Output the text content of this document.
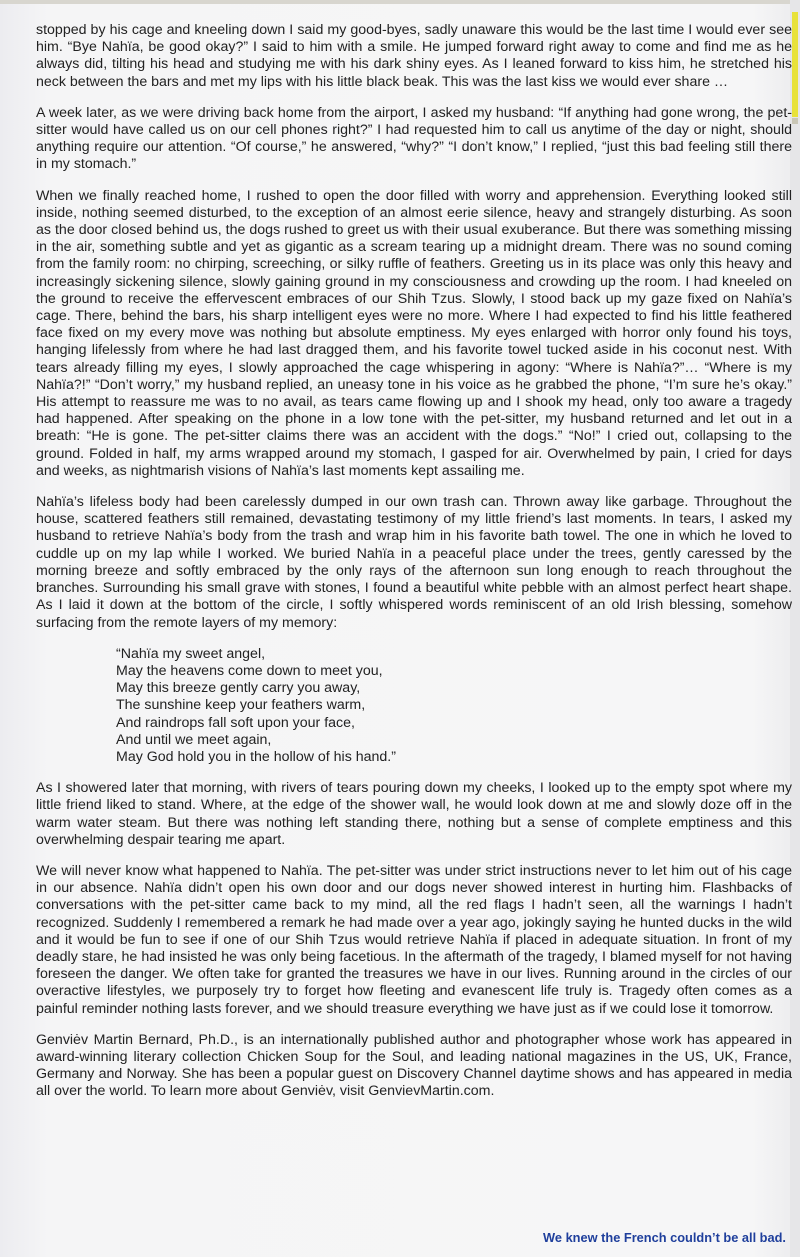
stopped by his cage and kneeling down I said my good-byes, sadly unaware this would be the last time I would ever see him. “Bye Nahïa, be good okay?” I said to him with a smile. He jumped forward right away to come and find me as he always did, tilting his head and studying me with his dark shiny eyes. As I leaned forward to kiss him, he stretched his neck between the bars and met my lips with his little black beak. This was the last kiss we would ever share …

A week later, as we were driving back home from the airport, I asked my husband: “If anything had gone wrong, the pet-sitter would have called us on our cell phones right?” I had requested him to call us anytime of the day or night, should anything require our attention. “Of course,” he answered, “why?” “I don’t know,” I replied, “just this bad feeling still there in my stomach.”

When we finally reached home, I rushed to open the door filled with worry and apprehension. Everything looked still inside, nothing seemed disturbed, to the exception of an almost eerie silence, heavy and strangely disturbing. As soon as the door closed behind us, the dogs rushed to greet us with their usual exuberance. But there was something missing in the air, something subtle and yet as gigantic as a scream tearing up a midnight dream. There was no sound coming from the family room: no chirping, screeching, or silky ruffle of feathers. Greeting us in its place was only this heavy and increasingly sickening silence, slowly gaining ground in my consciousness and crowding up the room. I had kneeled on the ground to receive the effervescent embraces of our Shih Tzus. Slowly, I stood back up my gaze fixed on Nahïa’s cage. There, behind the bars, his sharp intelligent eyes were no more. Where I had expected to find his little feathered face fixed on my every move was nothing but absolute emptiness. My eyes enlarged with horror only found his toys, hanging lifelessly from where he had last dragged them, and his favorite towel tucked aside in his coconut nest. With tears already filling my eyes, I slowly approached the cage whispering in agony: “Where is Nahïa?”… “Where is my Nahïa?!” “Don’t worry,” my husband replied, an uneasy tone in his voice as he grabbed the phone, “I’m sure he’s okay.” His attempt to reassure me was to no avail, as tears came flowing up and I shook my head, only too aware a tragedy had happened. After speaking on the phone in a low tone with the pet-sitter, my husband returned and let out in a breath: “He is gone. The pet-sitter claims there was an accident with the dogs.” “No!” I cried out, collapsing to the ground. Folded in half, my arms wrapped around my stomach, I gasped for air. Overwhelmed by pain, I cried for days and weeks, as nightmarish visions of Nahïa’s last moments kept assailing me.

Nahïa’s lifeless body had been carelessly dumped in our own trash can. Thrown away like garbage. Throughout the house, scattered feathers still remained, devastating testimony of my little friend’s last moments. In tears, I asked my husband to retrieve Nahïa’s body from the trash and wrap him in his favorite bath towel. The one in which he loved to cuddle up on my lap while I worked. We buried Nahïa in a peaceful place under the trees, gently caressed by the morning breeze and softly embraced by the only rays of the afternoon sun long enough to reach throughout the branches. Surrounding his small grave with stones, I found a beautiful white pebble with an almost perfect heart shape. As I laid it down at the bottom of the circle, I softly whispered words reminiscent of an old Irish blessing, somehow surfacing from the remote layers of my memory:

“Nahïa my sweet angel,
May the heavens come down to meet you,
May this breeze gently carry you away,
The sunshine keep your feathers warm,
And raindrops fall soft upon your face,
And until we meet again,
May God hold you in the hollow of his hand.”

As I showered later that morning, with rivers of tears pouring down my cheeks, I looked up to the empty spot where my little friend liked to stand. Where, at the edge of the shower wall, he would look down at me and slowly doze off in the warm water steam. But there was nothing left standing there, nothing but a sense of complete emptiness and this overwhelming despair tearing me apart.

We will never know what happened to Nahïa. The pet-sitter was under strict instructions never to let him out of his cage in our absence. Nahïa didn’t open his own door and our dogs never showed interest in hurting him. Flashbacks of conversations with the pet-sitter came back to my mind, all the red flags I hadn’t seen, all the warnings I hadn’t recognized. Suddenly I remembered a remark he had made over a year ago, jokingly saying he hunted ducks in the wild and it would be fun to see if one of our Shih Tzus would retrieve Nahïa if placed in adequate situation. In front of my deadly stare, he had insisted he was only being facetious. In the aftermath of the tragedy, I blamed myself for not having foreseen the danger. We often take for granted the treasures we have in our lives. Running around in the circles of our overactive lifestyles, we purposely try to forget how fleeting and evanescent life truly is. Tragedy often comes as a painful reminder nothing lasts forever, and we should treasure everything we have just as if we could lose it tomorrow.

Genviėv Martin Bernard, Ph.D., is an internationally published author and photographer whose work has appeared in award-winning literary collection Chicken Soup for the Soul, and leading national magazines in the US, UK, France, Germany and Norway. She has been a popular guest on Discovery Channel daytime shows and has appeared in media all over the world. To learn more about Genviėv, visit GenvievMartin.com.

We knew the French couldn’t be all bad.
